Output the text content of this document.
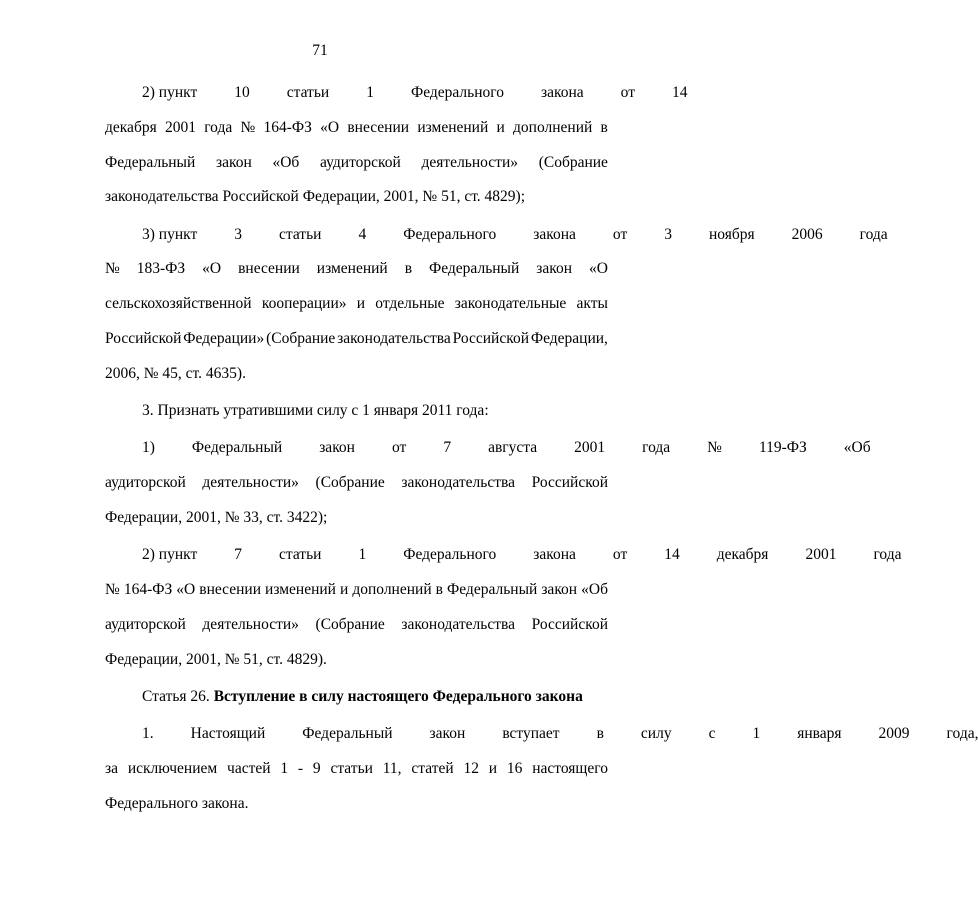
71
2) пункт	10	статьи	1	Федерального	закона	от	14
декабря 2001 года № 164-ФЗ «О внесении изменений и дополнений в
Федеральный закон «Об аудиторской деятельности» (Собрание
законодательства Российской Федерации, 2001, № 51, ст. 4829);
3) пункт	3	статьи	4	Федерального	закона	от	3	ноября	2006	года
№ 183-ФЗ «О внесении изменений в Федеральный закон «О
сельскохозяйственной кооперации» и отдельные законодательные акты
Российской Федерации» (Собрание законодательства Российской Федерации,
2006, № 45, ст. 4635).
3. Признать утратившими силу с 1 января 2011 года:
1)	Федеральный	закон	от	7	августа	2001	года	№	119-ФЗ	«Об
аудиторской деятельности» (Собрание законодательства Российской
Федерации, 2001, № 33, ст. 3422);
2) пункт	7	статьи	1	Федерального	закона	от	14	декабря	2001	года
№ 164-ФЗ «О внесении изменений и дополнений в Федеральный закон «Об
аудиторской деятельности» (Собрание законодательства Российской
Федерации, 2001, № 51, ст. 4829).
Статья 26. Вступление в силу настоящего Федерального закона
1.	Настоящий	Федеральный	закон	вступает	в	силу	с	1	января	2009	года,
за исключением частей 1 - 9 статьи 11, статей 12 и 16 настоящего
Федерального закона.
